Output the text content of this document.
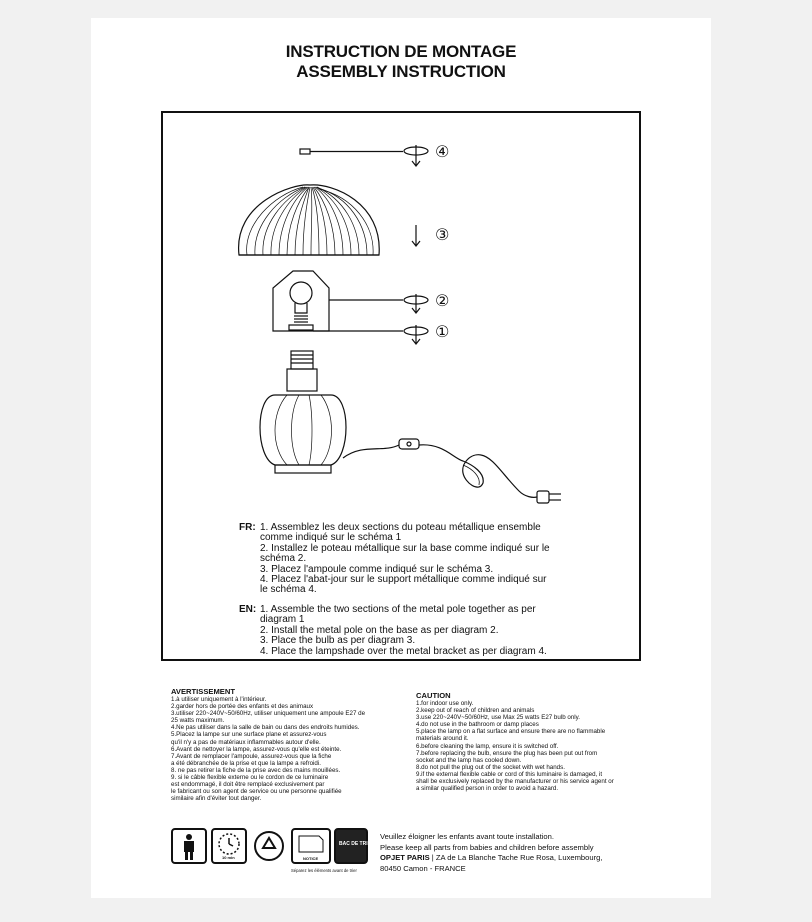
INSTRUCTION DE MONTAGE
ASSEMBLY INSTRUCTION
④
③
②
①
FR: 1. Assemblez les deux sections du poteau métallique ensemble
comme indiqué sur le schéma 1
2. Installez le poteau métallique sur la base comme indiqué sur le
schéma 2.
3. Placez l'ampoule comme indiqué sur le schéma 3.
4. Placez l'abat-jour sur le support métallique comme indiqué sur
le schéma 4.
EN: 1. Assemble the two sections of the metal pole together as per
diagram 1
2. Install the metal pole on the base as per diagram 2.
3. Place the bulb as per diagram 3.
4. Place the lampshade over the metal bracket as per diagram 4.
AVERTISSEMENT
1.à utiliser uniquement à l'intérieur.
2.garder hors de portée des enfants et des animaux
3.utiliser 220~240V~50/60Hz, utiliser uniquement une ampoule E27 de
25 watts maximum.
4.Ne pas utiliser dans la salle de bain ou dans des endroits humides.
5.Placez la lampe sur une surface plane et assurez-vous
qu'il n'y a pas de matériaux inflammables autour d'elle.
6.Avant de nettoyer la lampe, assurez-vous qu'elle est éteinte.
7.Avant de remplacer l'ampoule, assurez-vous que la fiche
a été débranchée de la prise et que la lampe a refroidi.
8. ne pas retirer la fiche de la prise avec des mains mouillées.
9. si le câble flexible externe ou le cordon de ce luminaire
est endommagé, il doit être remplacé exclusivement par
le fabricant ou son agent de service ou une personne qualifiée
similaire afin d'éviter tout danger.
CAUTION
1.for indoor use only.
2.keep out of reach of children and animals
3.use 220~240V~50/60Hz, use Max 25 watts E27 bulb only.
4.do not use in the bathroom or damp places
5.place the lamp on a flat surface and ensure there are no flammable
materials around it.
6.before cleaning the lamp, ensure it is switched off.
7.before replacing the bulb, ensure the plug has been put out from
socket and the lamp has cooled down.
8.do not pull the plug out of the socket with wet hands.
9.if the external flexible cable or cord of this luminaire is damaged, it
shall be exclusively replaced by the manufacturer or his service agent or
a similar qualified person in order to avoid a hazard.
10 min	NOTICE
BAC DE TRI
Séparez les éléments avant de trier
Veuillez éloigner les enfants avant toute installation.
Please keep all parts from babies and children before assembly
OPJET PARIS | ZA de La Blanche Tache Rue Rosa, Luxembourg,
80450 Camon - FRANCE
